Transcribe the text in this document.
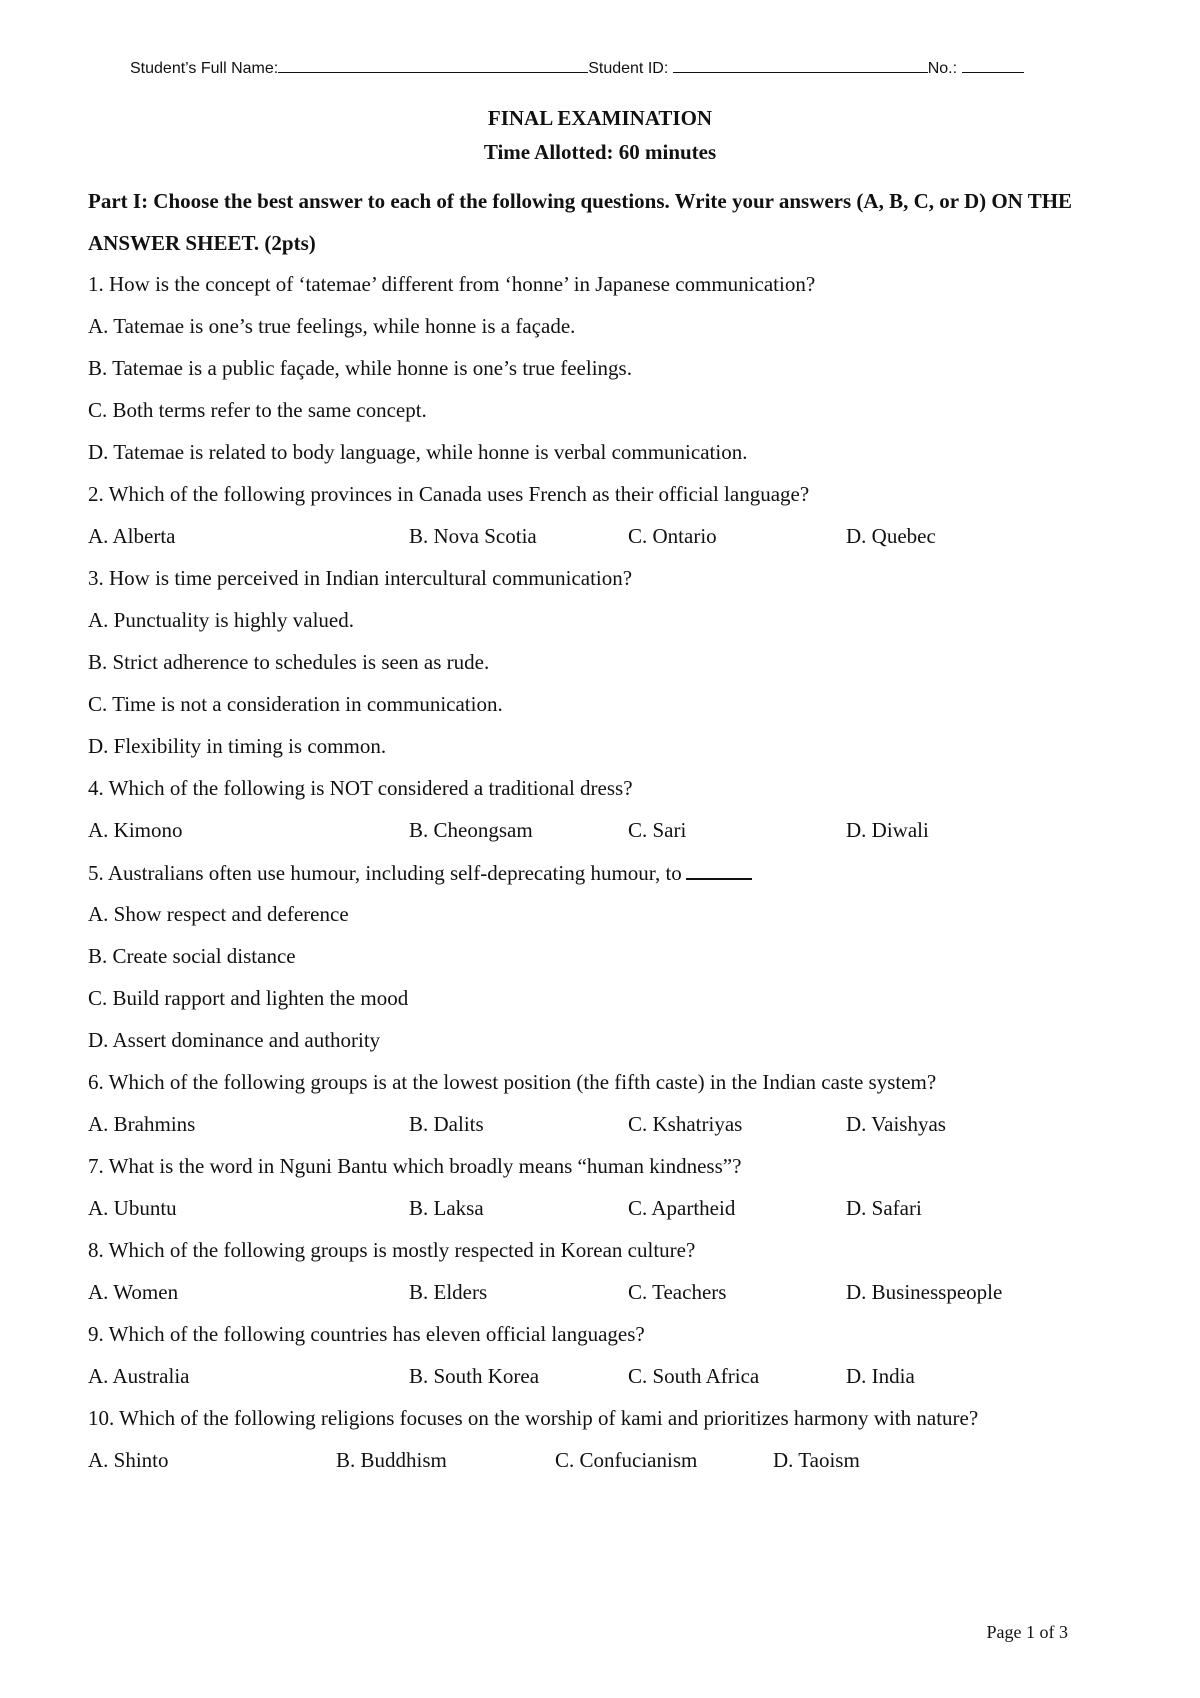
Student’s Full Name:	Student ID:	No.:
FINAL EXAMINATION
Time Allotted: 60 minutes
Part I: Choose the best answer to each of the following questions. Write your answers (A, B, C, or D) ON THE ANSWER SHEET. (2pts)
1. How is the concept of ‘tatemae’ different from ‘honne’ in Japanese communication?
A. Tatemae is one’s true feelings, while honne is a façade.
B. Tatemae is a public façade, while honne is one’s true feelings.
C. Both terms refer to the same concept.
D. Tatemae is related to body language, while honne is verbal communication.
2. Which of the following provinces in Canada uses French as their official language?
A. Alberta	B. Nova Scotia	C. Ontario	D. Quebec
3. How is time perceived in Indian intercultural communication?
A. Punctuality is highly valued.
B. Strict adherence to schedules is seen as rude.
C. Time is not a consideration in communication.
D. Flexibility in timing is common.
4. Which of the following is NOT considered a traditional dress?
A. Kimono	B. Cheongsam	C. Sari	D. Diwali
5. Australians often use humour, including self-deprecating humour, to
A. Show respect and deference
B. Create social distance
C. Build rapport and lighten the mood
D. Assert dominance and authority
6. Which of the following groups is at the lowest position (the fifth caste) in the Indian caste system?
A. Brahmins	B. Dalits	C. Kshatriyas	D. Vaishyas
7. What is the word in Nguni Bantu which broadly means “human kindness”?
A. Ubuntu	B. Laksa	C. Apartheid	D. Safari
8. Which of the following groups is mostly respected in Korean culture?
A. Women	B. Elders	C. Teachers	D. Businesspeople
9. Which of the following countries has eleven official languages?
A. Australia	B. South Korea	C. South Africa	D. India
10. Which of the following religions focuses on the worship of kami and prioritizes harmony with nature?
A. Shinto	B. Buddhism	C. Confucianism	D. Taoism
Page 1 of 3
